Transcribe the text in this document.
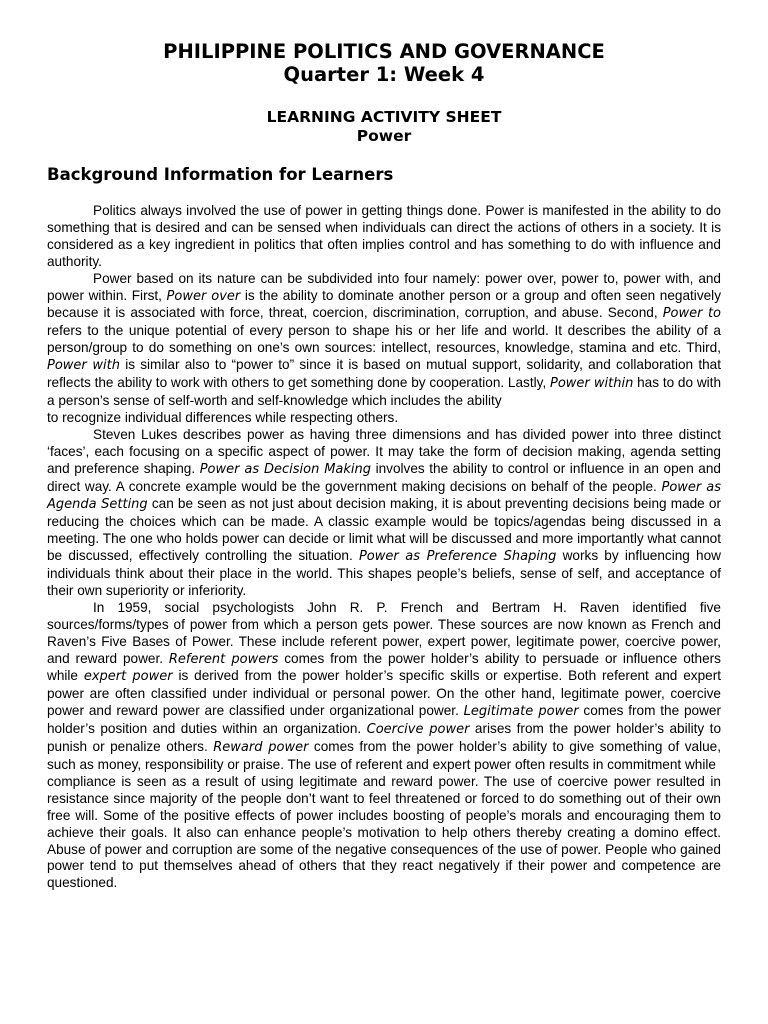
PHILIPPINE POLITICS AND GOVERNANCE
Quarter 1: Week 4
LEARNING ACTIVITY SHEET
Power
Background Information for Learners

Politics always involved the use of power in getting things done. Power is manifested in the ability to do something that is desired and can be sensed when individuals can direct the actions of others in a society. It is considered as a key ingredient in politics that often implies control and has something to do with influence and authority.

Power based on its nature can be subdivided into four namely: power over, power to, power with, and power within. First, Power over is the ability to dominate another person or a group and often seen negatively because it is associated with force, threat, coercion, discrimination, corruption, and abuse. Second, Power to refers to the unique potential of every person to shape his or her life and world. It describes the ability of a person/group to do something on one’s own sources: intellect, resources, knowledge, stamina and etc. Third, Power with is similar also to “power to” since it is based on mutual support, solidarity, and collaboration that reflects the ability to work with others to get something done by cooperation. Lastly, Power within has to do with a person’s sense of self-worth and self-knowledge which includes the ability

to recognize individual differences while respecting others.

Steven Lukes describes power as having three dimensions and has divided power into three distinct ‘faces’, each focusing on a specific aspect of power. It may take the form of decision making, agenda setting and preference shaping. Power as Decision Making involves the ability to control or influence in an open and direct way. A concrete example would be the government making decisions on behalf of the people. Power as Agenda Setting can be seen as not just about decision making, it is about preventing decisions being made or reducing the choices which can be made. A classic example would be topics/agendas being discussed in a meeting. The one who holds power can decide or limit what will be discussed and more importantly what cannot be discussed, effectively controlling the situation. Power as Preference Shaping works by influencing how individuals think about their place in the world. This shapes people’s beliefs, sense of self, and acceptance of their own superiority or inferiority.

In 1959, social psychologists John R. P. French and Bertram H. Raven identified five sources/forms/types of power from which a person gets power. These sources are now known as French and Raven’s Five Bases of Power. These include referent power, expert power, legitimate power, coercive power, and reward power. Referent powers comes from the power holder’s ability to persuade or influence others while expert power is derived from the power holder’s specific skills or expertise. Both referent and expert power are often classified under individual or personal power. On the other hand, legitimate power, coercive power and reward power are classified under organizational power. Legitimate power comes from the power holder’s position and duties within an organization. Coercive power arises from the power holder’s ability to punish or penalize others. Reward power comes from the power holder’s ability to give something of value, such as money, responsibility or praise. The use of referent and expert power often results in commitment while

compliance is seen as a result of using legitimate and reward power. The use of coercive power resulted in resistance since majority of the people don’t want to feel threatened or forced to do something out of their own free will. Some of the positive effects of power includes boosting of people’s morals and encouraging them to achieve their goals. It also can enhance people’s motivation to help others thereby creating a domino effect. Abuse of power and corruption are some of the negative consequences of the use of power. People who gained power tend to put themselves ahead of others that they react negatively if their power and competence are questioned.
